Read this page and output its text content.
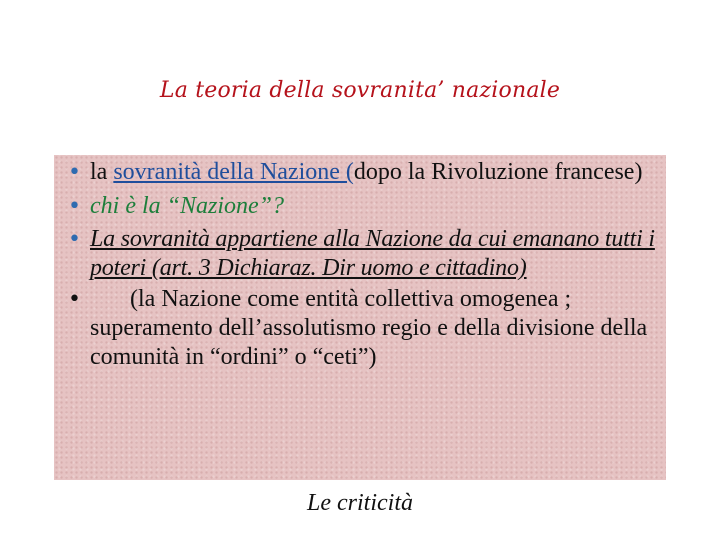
La teoria della sovranita’ nazionale
• la sovranità della Nazione (dopo la Rivoluzione francese)
• chi è la “Nazione”?
• La sovranità appartiene alla Nazione da cui emanano tutti i poteri (art. 3 Dichiaraz. Dir uomo e cittadino)
•	(la Nazione come entità collettiva omogenea ; superamento dell’assolutismo regio e della divisione della comunità in “ordini” o “ceti”)
Le criticità
